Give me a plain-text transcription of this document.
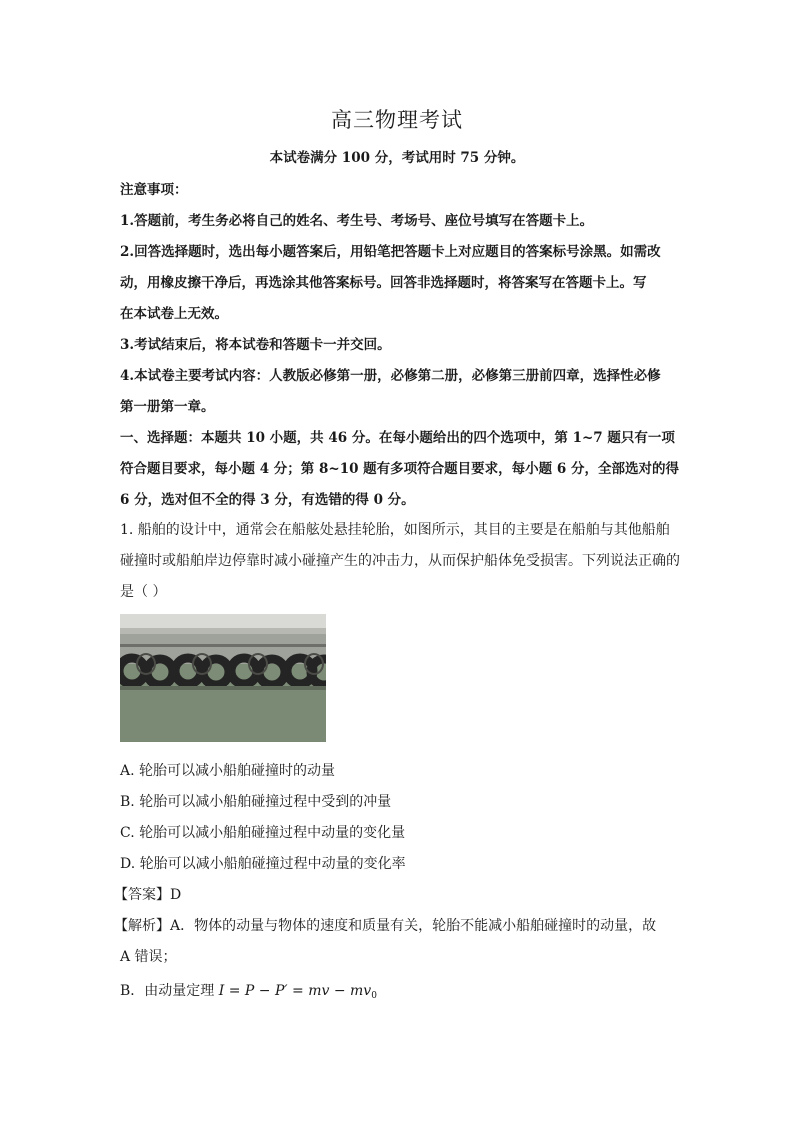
高三物理考试
本试卷满分 100 分，考试用时 75 分钟。
注意事项：
1.答题前，考生务必将自己的姓名、考生号、考场号、座位号填写在答题卡上。
2.回答选择题时，选出每小题答案后，用铅笔把答题卡上对应题目的答案标号涂黑。如需改
动，用橡皮擦干净后，再选涂其他答案标号。回答非选择题时，将答案写在答题卡上。写
在本试卷上无效。
3.考试结束后，将本试卷和答题卡一并交回。
4.本试卷主要考试内容：人教版必修第一册，必修第二册，必修第三册前四章，选择性必修
第一册第一章。
一、选择题：本题共 10 小题，共 46 分。在每小题给出的四个选项中，第 1~7 题只有一项
符合题目要求，每小题 4 分；第 8~10 题有多项符合题目要求，每小题 6 分，全部选对的得
6 分，选对但不全的得 3 分，有选错的得 0 分。
1. 船舶的设计中，通常会在船舷处悬挂轮胎，如图所示，其目的主要是在船舶与其他船舶
碰撞时或船舶岸边停靠时减小碰撞产生的冲击力，从而保护船体免受损害。下列说法正确的
是（ ）
A. 轮胎可以减小船舶碰撞时的动量
B. 轮胎可以减小船舶碰撞过程中受到的冲量
C. 轮胎可以减小船舶碰撞过程中动量的变化量
D. 轮胎可以减小船舶碰撞过程中动量的变化率
【答案】D
【解析】A．物体的动量与物体的速度和质量有关，轮胎不能减小船舶碰撞时的动量，故
A 错误；
B．由动量定理 I = P − P′ = mv − $mv_0$
